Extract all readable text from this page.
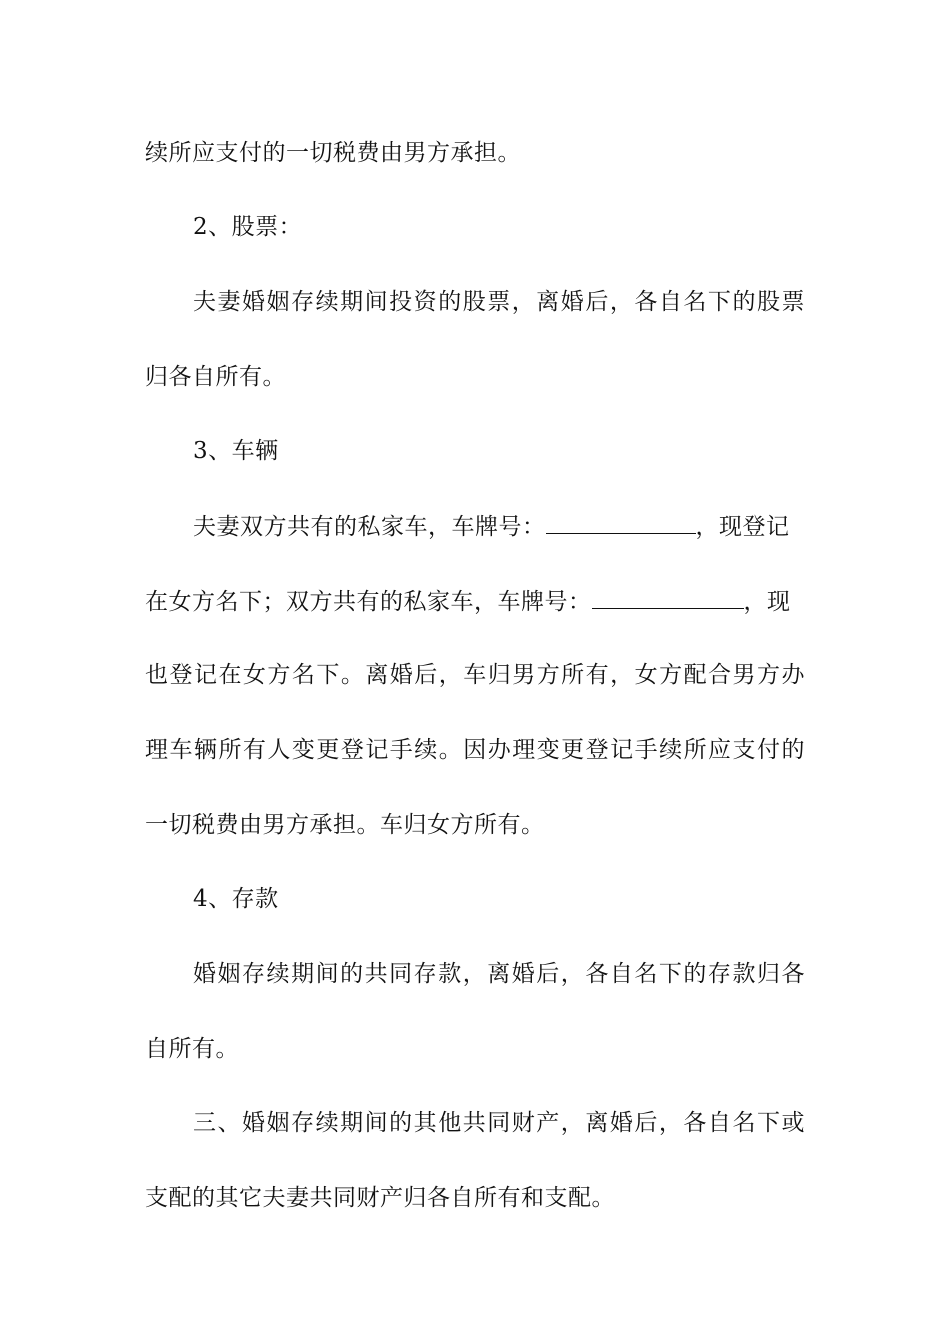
续所应支付的一切税费由男方承担。
2、股票：
夫妻婚姻存续期间投资的股票，离婚后，各自名下的股票
归各自所有。
3、车辆
夫妻双方共有的私家车，车牌号：	，现登记
在女方名下；双方共有的私家车，车牌号：	，现
也登记在女方名下。离婚后，车归男方所有，女方配合男方办
理车辆所有人变更登记手续。因办理变更登记手续所应支付的
一切税费由男方承担。车归女方所有。
4、存款
婚姻存续期间的共同存款，离婚后，各自名下的存款归各
自所有。
三、婚姻存续期间的其他共同财产，离婚后，各自名下或
支配的其它夫妻共同财产归各自所有和支配。
